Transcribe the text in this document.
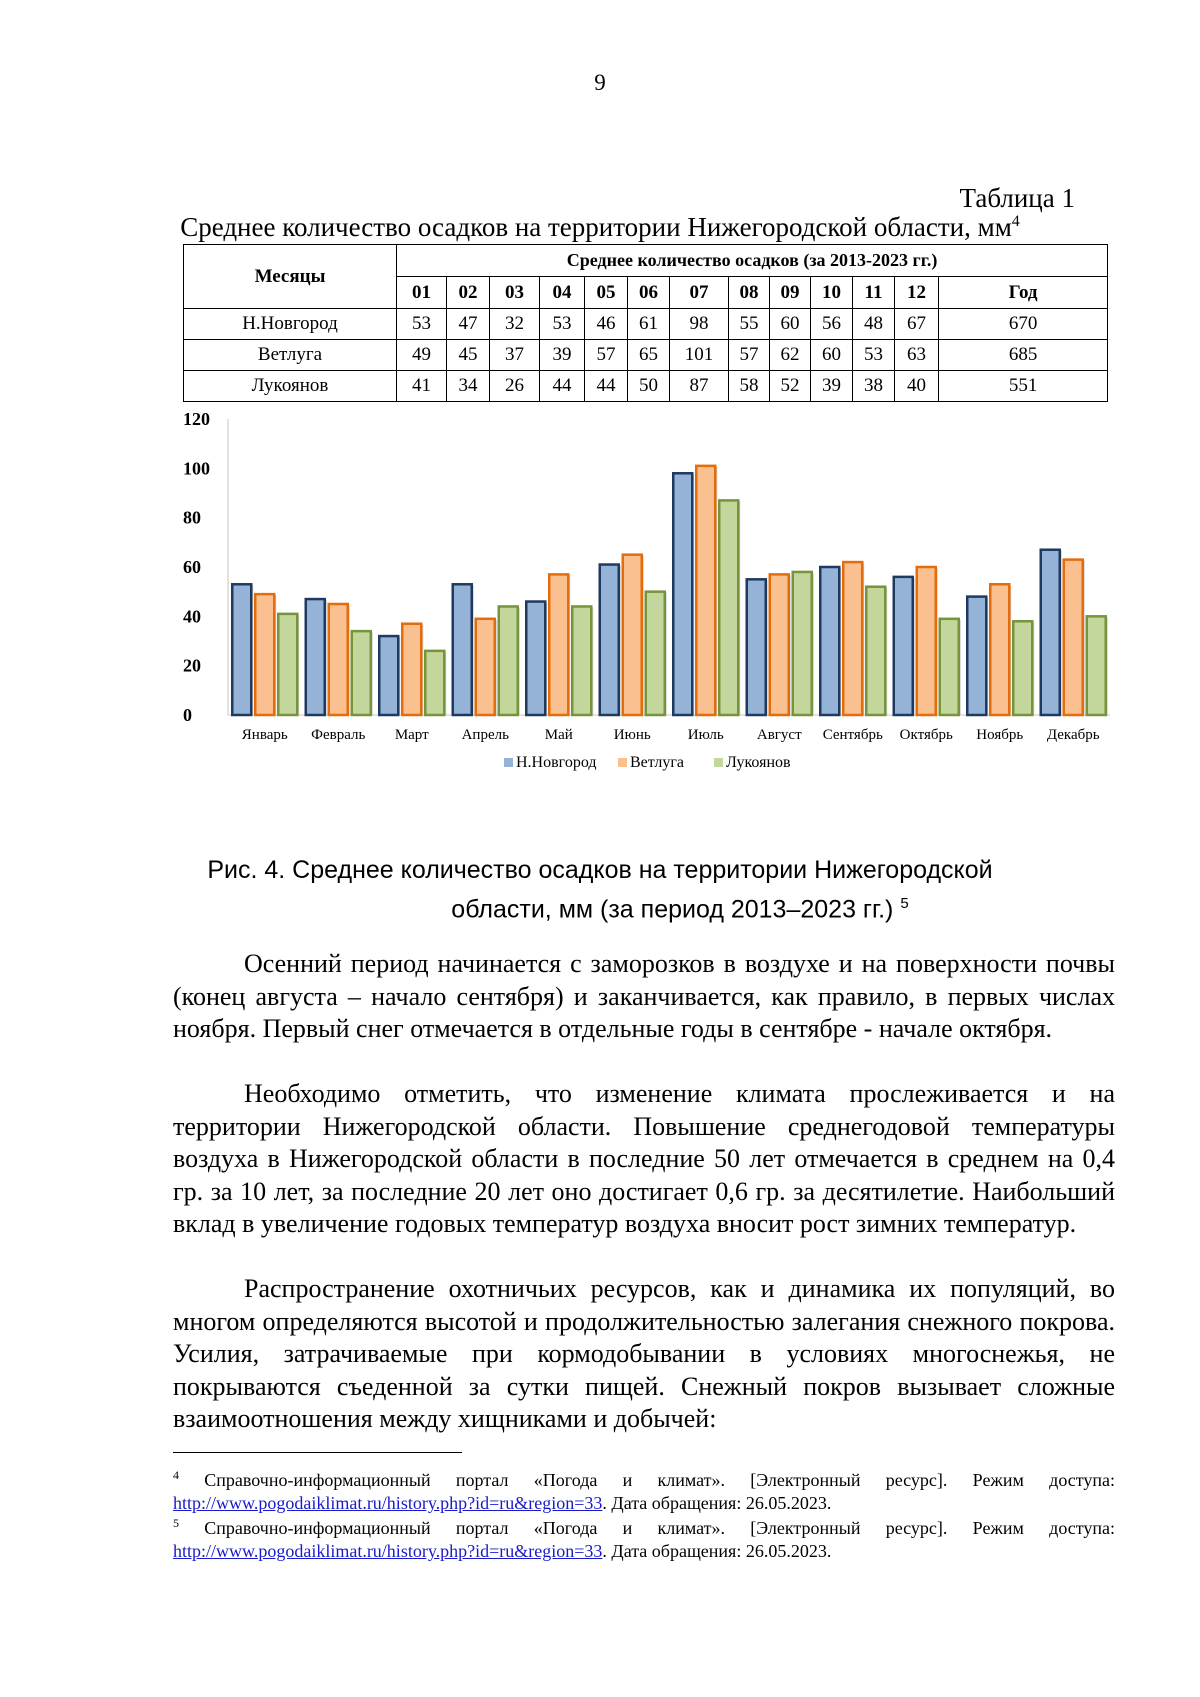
9
Таблица 1
Среднее количество осадков на территории Нижегородской области, $мм^4$
Месяцы	Среднее количество осадков (за 2013-2023 гг.)												
	01	02	03	04	05	06	07	08	09	10	11	12	Год
Н.Новгород	53	47	32	53	46	61	98	55	60	56	48	67	670
Ветлуга	49	45	37	39	57	65	101	57	62	60	53	63	685
Лукоянов	41	34	26	44	44	50	87	58	52	39	38	40	551
0
20
40
60
80
100
120
Январь Февраль Март Апрель Май	Июнь Июль Август Сентябрь Октябрь Ноябрь Декабрь
Н.Новгород Ветлуга	Лукоянов
Рис. 4. Среднее количество осадков на территории Нижегородской
области, мм (за период 2013–2023 гг.) $^5$
Осенний период начинается с заморозков в воздухе и на поверхности почвы (конец августа – начало сентября) и заканчивается, как правило, в первых числах ноября. Первый снег отмечается в отдельные годы в сентябре - начале октября.
Необходимо отметить, что изменение климата прослеживается и на территории Нижегородской области. Повышение среднегодовой температуры воздуха в Нижегородской области в последние 50 лет отмечается в среднем на 0,4 гр. за 10 лет, за последние 20 лет оно достигает 0,6 гр. за десятилетие. Наибольший вклад в увеличение годовых температур воздуха вносит рост зимних температур.
Распространение охотничьих ресурсов, как и динамика их популяций, во многом определяются высотой и продолжительностью залегания снежного покрова. Усилия, затрачиваемые при кормодобывании в условиях многоснежья, не покрываются съеденной за сутки пищей. Снежный покров вызывает сложные взаимоотношения между хищниками и добычей:
$^4$ Справочно-информационный портал «Погода и климат». [Электронный ресурс]. Режим доступа: http://www.pogodaiklimat.ru/history.php?id=ru&region=33. Дата обращения: 26.05.2023.
$^5$ Справочно-информационный портал «Погода и климат». [Электронный ресурс]. Режим доступа: http://www.pogodaiklimat.ru/history.php?id=ru&region=33. Дата обращения: 26.05.2023.
